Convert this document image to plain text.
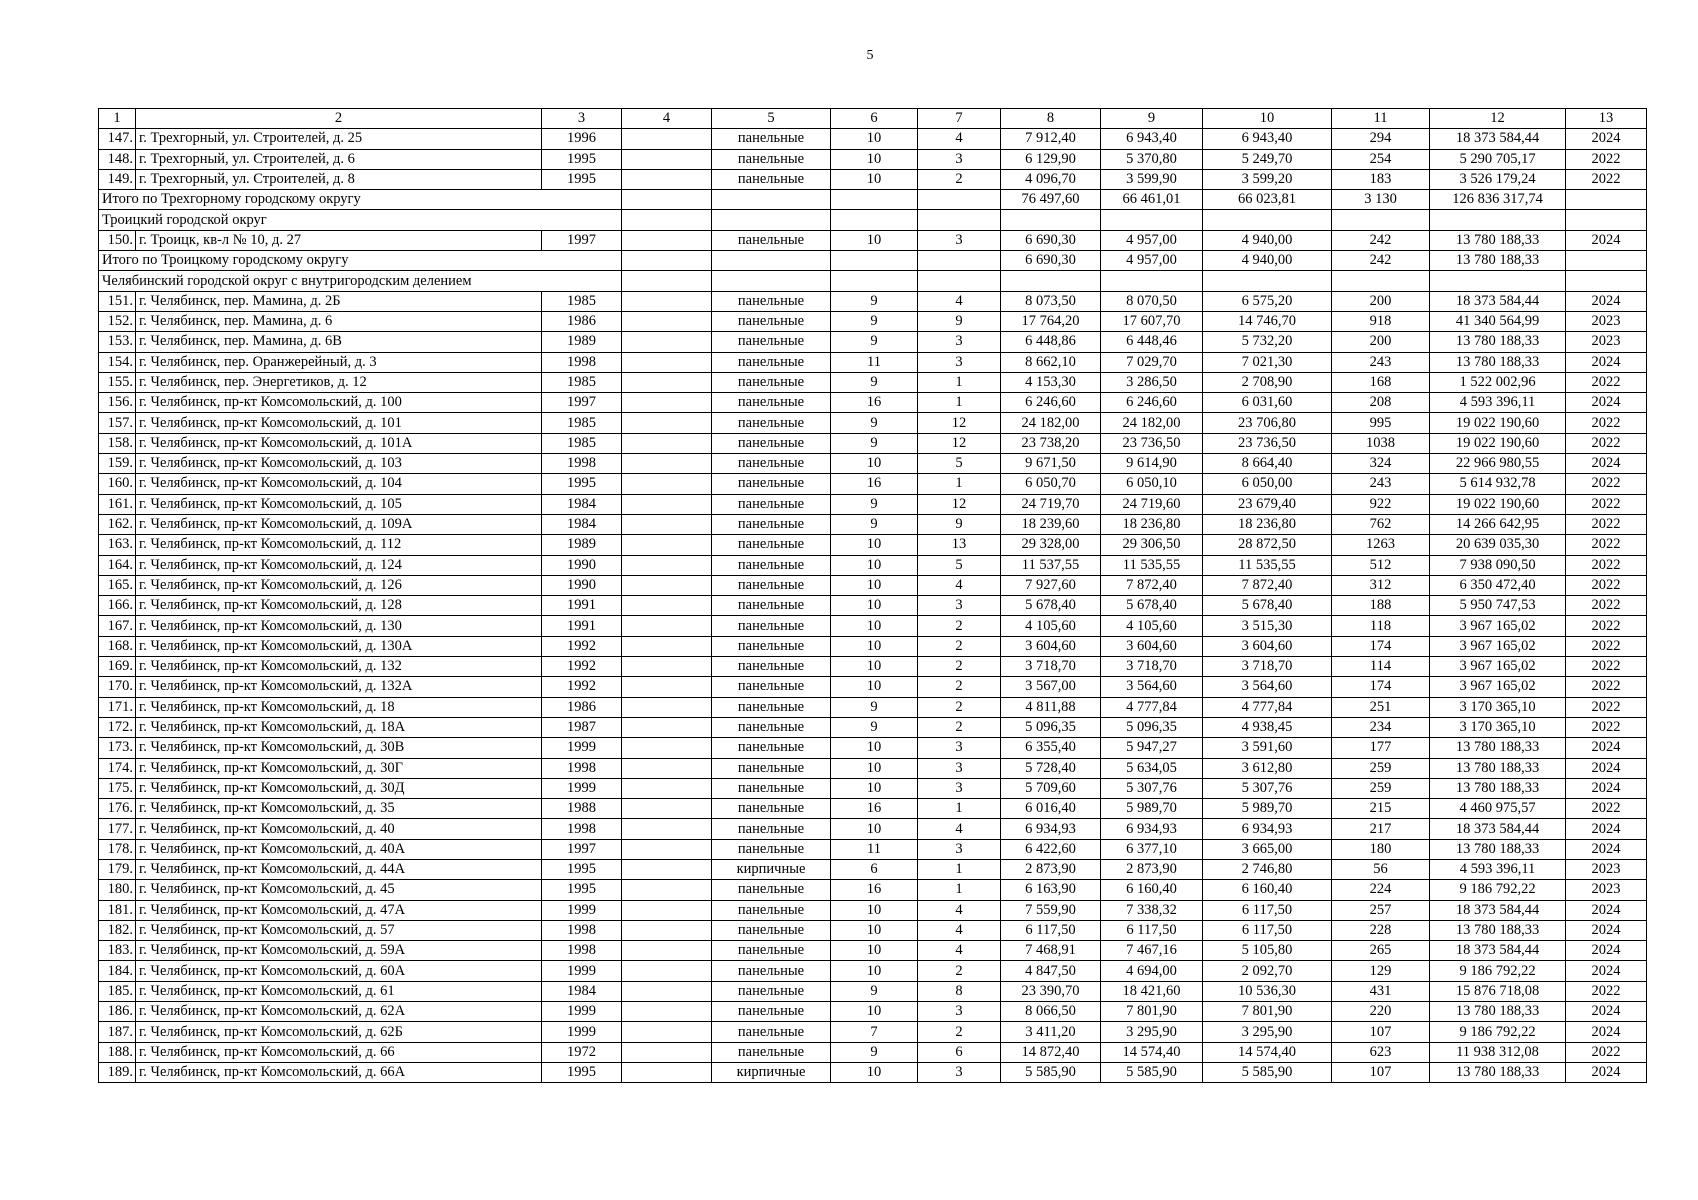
5
1	2	3	4	5	6	7	8	9	10	11	12	13
147.	г. Трехгорный, ул. Строителей, д. 25	1996		панельные	10	4	7 912,40	6 943,40	6 943,40	294	18 373 584,44	2024
148.	г. Трехгорный, ул. Строителей, д. 6	1995		панельные	10	3	6 129,90	5 370,80	5 249,70	254	5 290 705,17	2022
149.	г. Трехгорный, ул. Строителей, д. 8	1995		панельные	10	2	4 096,70	3 599,90	3 599,20	183	3 526 179,24	2022
Итого по Трехгорному городскому округу							76 497,60	66 461,01	66 023,81	3 130	126 836 317,74	
Троицкий городской округ												
150.	г. Троицк, кв-л № 10, д. 27	1997		панельные	10	3	6 690,30	4 957,00	4 940,00	242	13 780 188,33	2024
Итого по Троицкому городскому округу							6 690,30	4 957,00	4 940,00	242	13 780 188,33	
Челябинский городской округ с внутригородским делением												
151.	г. Челябинск, пер. Мамина, д. 2Б	1985		панельные	9	4	8 073,50	8 070,50	6 575,20	200	18 373 584,44	2024
152.	г. Челябинск, пер. Мамина, д. 6	1986		панельные	9	9	17 764,20	17 607,70	14 746,70	918	41 340 564,99	2023
153.	г. Челябинск, пер. Мамина, д. 6В	1989		панельные	9	3	6 448,86	6 448,46	5 732,20	200	13 780 188,33	2023
154.	г. Челябинск, пер. Оранжерейный, д. 3	1998		панельные	11	3	8 662,10	7 029,70	7 021,30	243	13 780 188,33	2024
155.	г. Челябинск, пер. Энергетиков, д. 12	1985		панельные	9	1	4 153,30	3 286,50	2 708,90	168	1 522 002,96	2022
156.	г. Челябинск, пр-кт Комсомольский, д. 100	1997		панельные	16	1	6 246,60	6 246,60	6 031,60	208	4 593 396,11	2024
157.	г. Челябинск, пр-кт Комсомольский, д. 101	1985		панельные	9	12	24 182,00	24 182,00	23 706,80	995	19 022 190,60	2022
158.	г. Челябинск, пр-кт Комсомольский, д. 101А	1985		панельные	9	12	23 738,20	23 736,50	23 736,50	1038	19 022 190,60	2022
159.	г. Челябинск, пр-кт Комсомольский, д. 103	1998		панельные	10	5	9 671,50	9 614,90	8 664,40	324	22 966 980,55	2024
160.	г. Челябинск, пр-кт Комсомольский, д. 104	1995		панельные	16	1	6 050,70	6 050,10	6 050,00	243	5 614 932,78	2022
161.	г. Челябинск, пр-кт Комсомольский, д. 105	1984		панельные	9	12	24 719,70	24 719,60	23 679,40	922	19 022 190,60	2022
162.	г. Челябинск, пр-кт Комсомольский, д. 109А	1984		панельные	9	9	18 239,60	18 236,80	18 236,80	762	14 266 642,95	2022
163.	г. Челябинск, пр-кт Комсомольский, д. 112	1989		панельные	10	13	29 328,00	29 306,50	28 872,50	1263	20 639 035,30	2022
164.	г. Челябинск, пр-кт Комсомольский, д. 124	1990		панельные	10	5	11 537,55	11 535,55	11 535,55	512	7 938 090,50	2022
165.	г. Челябинск, пр-кт Комсомольский, д. 126	1990		панельные	10	4	7 927,60	7 872,40	7 872,40	312	6 350 472,40	2022
166.	г. Челябинск, пр-кт Комсомольский, д. 128	1991		панельные	10	3	5 678,40	5 678,40	5 678,40	188	5 950 747,53	2022
167.	г. Челябинск, пр-кт Комсомольский, д. 130	1991		панельные	10	2	4 105,60	4 105,60	3 515,30	118	3 967 165,02	2022
168.	г. Челябинск, пр-кт Комсомольский, д. 130А	1992		панельные	10	2	3 604,60	3 604,60	3 604,60	174	3 967 165,02	2022
169.	г. Челябинск, пр-кт Комсомольский, д. 132	1992		панельные	10	2	3 718,70	3 718,70	3 718,70	114	3 967 165,02	2022
170.	г. Челябинск, пр-кт Комсомольский, д. 132А	1992		панельные	10	2	3 567,00	3 564,60	3 564,60	174	3 967 165,02	2022
171.	г. Челябинск, пр-кт Комсомольский, д. 18	1986		панельные	9	2	4 811,88	4 777,84	4 777,84	251	3 170 365,10	2022
172.	г. Челябинск, пр-кт Комсомольский, д. 18А	1987		панельные	9	2	5 096,35	5 096,35	4 938,45	234	3 170 365,10	2022
173.	г. Челябинск, пр-кт Комсомольский, д. 30В	1999		панельные	10	3	6 355,40	5 947,27	3 591,60	177	13 780 188,33	2024
174.	г. Челябинск, пр-кт Комсомольский, д. 30Г	1998		панельные	10	3	5 728,40	5 634,05	3 612,80	259	13 780 188,33	2024
175.	г. Челябинск, пр-кт Комсомольский, д. 30Д	1999		панельные	10	3	5 709,60	5 307,76	5 307,76	259	13 780 188,33	2024
176.	г. Челябинск, пр-кт Комсомольский, д. 35	1988		панельные	16	1	6 016,40	5 989,70	5 989,70	215	4 460 975,57	2022
177.	г. Челябинск, пр-кт Комсомольский, д. 40	1998		панельные	10	4	6 934,93	6 934,93	6 934,93	217	18 373 584,44	2024
178.	г. Челябинск, пр-кт Комсомольский, д. 40А	1997		панельные	11	3	6 422,60	6 377,10	3 665,00	180	13 780 188,33	2024
179.	г. Челябинск, пр-кт Комсомольский, д. 44А	1995		кирпичные	6	1	2 873,90	2 873,90	2 746,80	56	4 593 396,11	2023
180.	г. Челябинск, пр-кт Комсомольский, д. 45	1995		панельные	16	1	6 163,90	6 160,40	6 160,40	224	9 186 792,22	2023
181.	г. Челябинск, пр-кт Комсомольский, д. 47А	1999		панельные	10	4	7 559,90	7 338,32	6 117,50	257	18 373 584,44	2024
182.	г. Челябинск, пр-кт Комсомольский, д. 57	1998		панельные	10	4	6 117,50	6 117,50	6 117,50	228	13 780 188,33	2024
183.	г. Челябинск, пр-кт Комсомольский, д. 59А	1998		панельные	10	4	7 468,91	7 467,16	5 105,80	265	18 373 584,44	2024
184.	г. Челябинск, пр-кт Комсомольский, д. 60А	1999		панельные	10	2	4 847,50	4 694,00	2 092,70	129	9 186 792,22	2024
185.	г. Челябинск, пр-кт Комсомольский, д. 61	1984		панельные	9	8	23 390,70	18 421,60	10 536,30	431	15 876 718,08	2022
186.	г. Челябинск, пр-кт Комсомольский, д. 62А	1999		панельные	10	3	8 066,50	7 801,90	7 801,90	220	13 780 188,33	2024
187.	г. Челябинск, пр-кт Комсомольский, д. 62Б	1999		панельные	7	2	3 411,20	3 295,90	3 295,90	107	9 186 792,22	2024
188.	г. Челябинск, пр-кт Комсомольский, д. 66	1972		панельные	9	6	14 872,40	14 574,40	14 574,40	623	11 938 312,08	2022
189.	г. Челябинск, пр-кт Комсомольский, д. 66А	1995		кирпичные	10	3	5 585,90	5 585,90	5 585,90	107	13 780 188,33	2024
